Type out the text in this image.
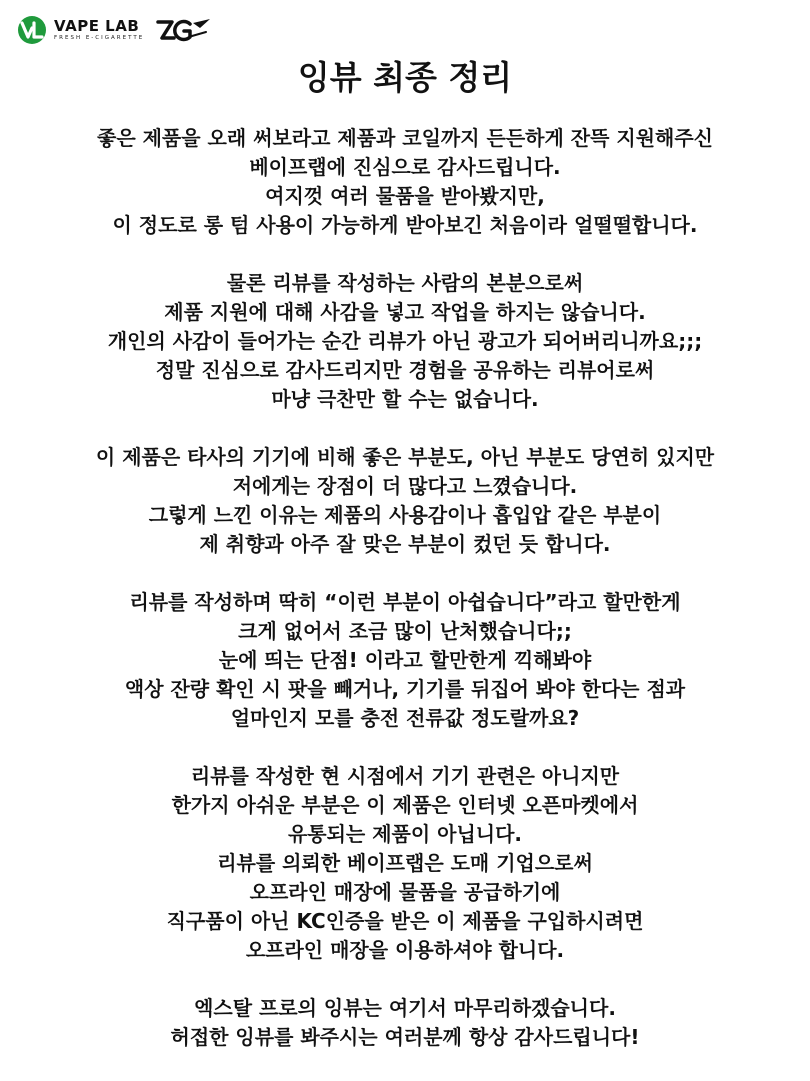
VAPE LAB
FRESH E-CIGARETTE
잉뷰 최종 정리
좋은 제품을 오래 써보라고 제품과 코일까지 든든하게 잔뜩 지원해주신
베이프랩에 진심으로 감사드립니다.
여지껏 여러 물품을 받아봤지만,
이 정도로 롱 텀 사용이 가능하게 받아보긴 처음이라 얼떨떨합니다.
물론 리뷰를 작성하는 사람의 본분으로써
제품 지원에 대해 사감을 넣고 작업을 하지는 않습니다.
개인의 사감이 들어가는 순간 리뷰가 아닌 광고가 되어버리니까요;;;
정말 진심으로 감사드리지만 경험을 공유하는 리뷰어로써
마냥 극찬만 할 수는 없습니다.
이 제품은 타사의 기기에 비해 좋은 부분도, 아닌 부분도 당연히 있지만
저에게는 장점이 더 많다고 느꼈습니다.
그렇게 느낀 이유는 제품의 사용감이나 흡입압 같은 부분이
제 취향과 아주 잘 맞은 부분이 컸던 듯 합니다.
리뷰를 작성하며 딱히 “이런 부분이 아쉽습니다”라고 할만한게
크게 없어서 조금 많이 난처했습니다;;
눈에 띄는 단점! 이라고 할만한게 끽해봐야
액상 잔량 확인 시 팟을 빼거나, 기기를 뒤집어 봐야 한다는 점과
얼마인지 모를 충전 전류값 정도랄까요?
리뷰를 작성한 현 시점에서 기기 관련은 아니지만
한가지 아쉬운 부분은 이 제품은 인터넷 오픈마켓에서
유통되는 제품이 아닙니다.
리뷰를 의뢰한 베이프랩은 도매 기업으로써
오프라인 매장에 물품을 공급하기에
직구품이 아닌 KC인증을 받은 이 제품을 구입하시려면
오프라인 매장을 이용하셔야 합니다.
엑스탈 프로의 잉뷰는 여기서 마무리하겠습니다.
허접한 잉뷰를 봐주시는 여러분께 항상 감사드립니다!
